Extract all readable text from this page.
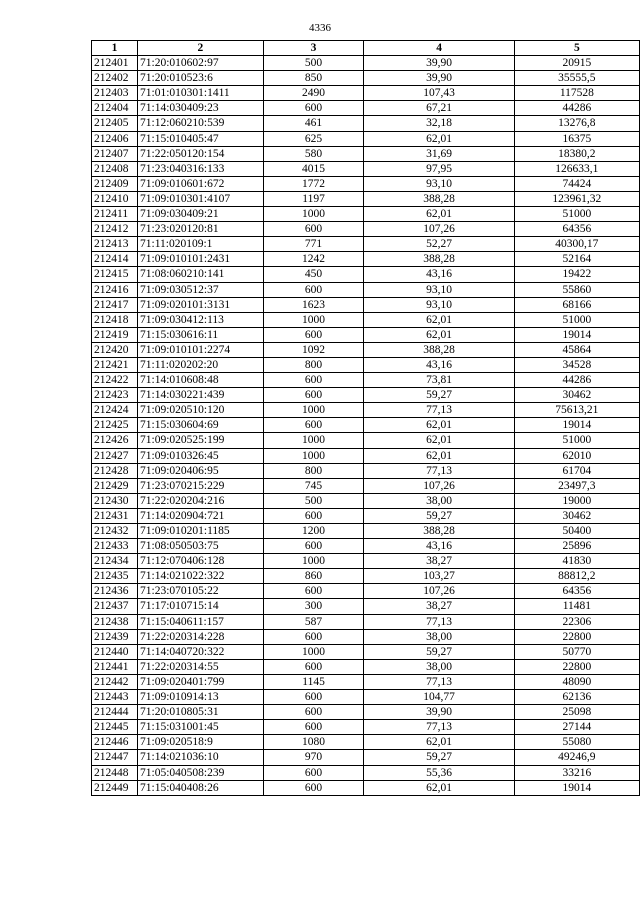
4336
1	2	3	4	5
212401	71:20:010602:97	500	39,90	20915
212402	71:20:010523:6	850	39,90	35555,5
212403	71:01:010301:1411	2490	107,43	117528
212404	71:14:030409:23	600	67,21	44286
212405	71:12:060210:539	461	32,18	13276,8
212406	71:15:010405:47	625	62,01	16375
212407	71:22:050120:154	580	31,69	18380,2
212408	71:23:040316:133	4015	97,95	126633,1
212409	71:09:010601:672	1772	93,10	74424
212410	71:09:010301:4107	1197	388,28	123961,32
212411	71:09:030409:21	1000	62,01	51000
212412	71:23:020120:81	600	107,26	64356
212413	71:11:020109:1	771	52,27	40300,17
212414	71:09:010101:2431	1242	388,28	52164
212415	71:08:060210:141	450	43,16	19422
212416	71:09:030512:37	600	93,10	55860
212417	71:09:020101:3131	1623	93,10	68166
212418	71:09:030412:113	1000	62,01	51000
212419	71:15:030616:11	600	62,01	19014
212420	71:09:010101:2274	1092	388,28	45864
212421	71:11:020202:20	800	43,16	34528
212422	71:14:010608:48	600	73,81	44286
212423	71:14:030221:439	600	59,27	30462
212424	71:09:020510:120	1000	77,13	75613,21
212425	71:15:030604:69	600	62,01	19014
212426	71:09:020525:199	1000	62,01	51000
212427	71:09:010326:45	1000	62,01	62010
212428	71:09:020406:95	800	77,13	61704
212429	71:23:070215:229	745	107,26	23497,3
212430	71:22:020204:216	500	38,00	19000
212431	71:14:020904:721	600	59,27	30462
212432	71:09:010201:1185	1200	388,28	50400
212433	71:08:050503:75	600	43,16	25896
212434	71:12:070406:128	1000	38,27	41830
212435	71:14:021022:322	860	103,27	88812,2
212436	71:23:070105:22	600	107,26	64356
212437	71:17:010715:14	300	38,27	11481
212438	71:15:040611:157	587	77,13	22306
212439	71:22:020314:228	600	38,00	22800
212440	71:14:040720:322	1000	59,27	50770
212441	71:22:020314:55	600	38,00	22800
212442	71:09:020401:799	1145	77,13	48090
212443	71:09:010914:13	600	104,77	62136
212444	71:20:010805:31	600	39,90	25098
212445	71:15:031001:45	600	77,13	27144
212446	71:09:020518:9	1080	62,01	55080
212447	71:14:021036:10	970	59,27	49246,9
212448	71:05:040508:239	600	55,36	33216
212449	71:15:040408:26	600	62,01	19014
